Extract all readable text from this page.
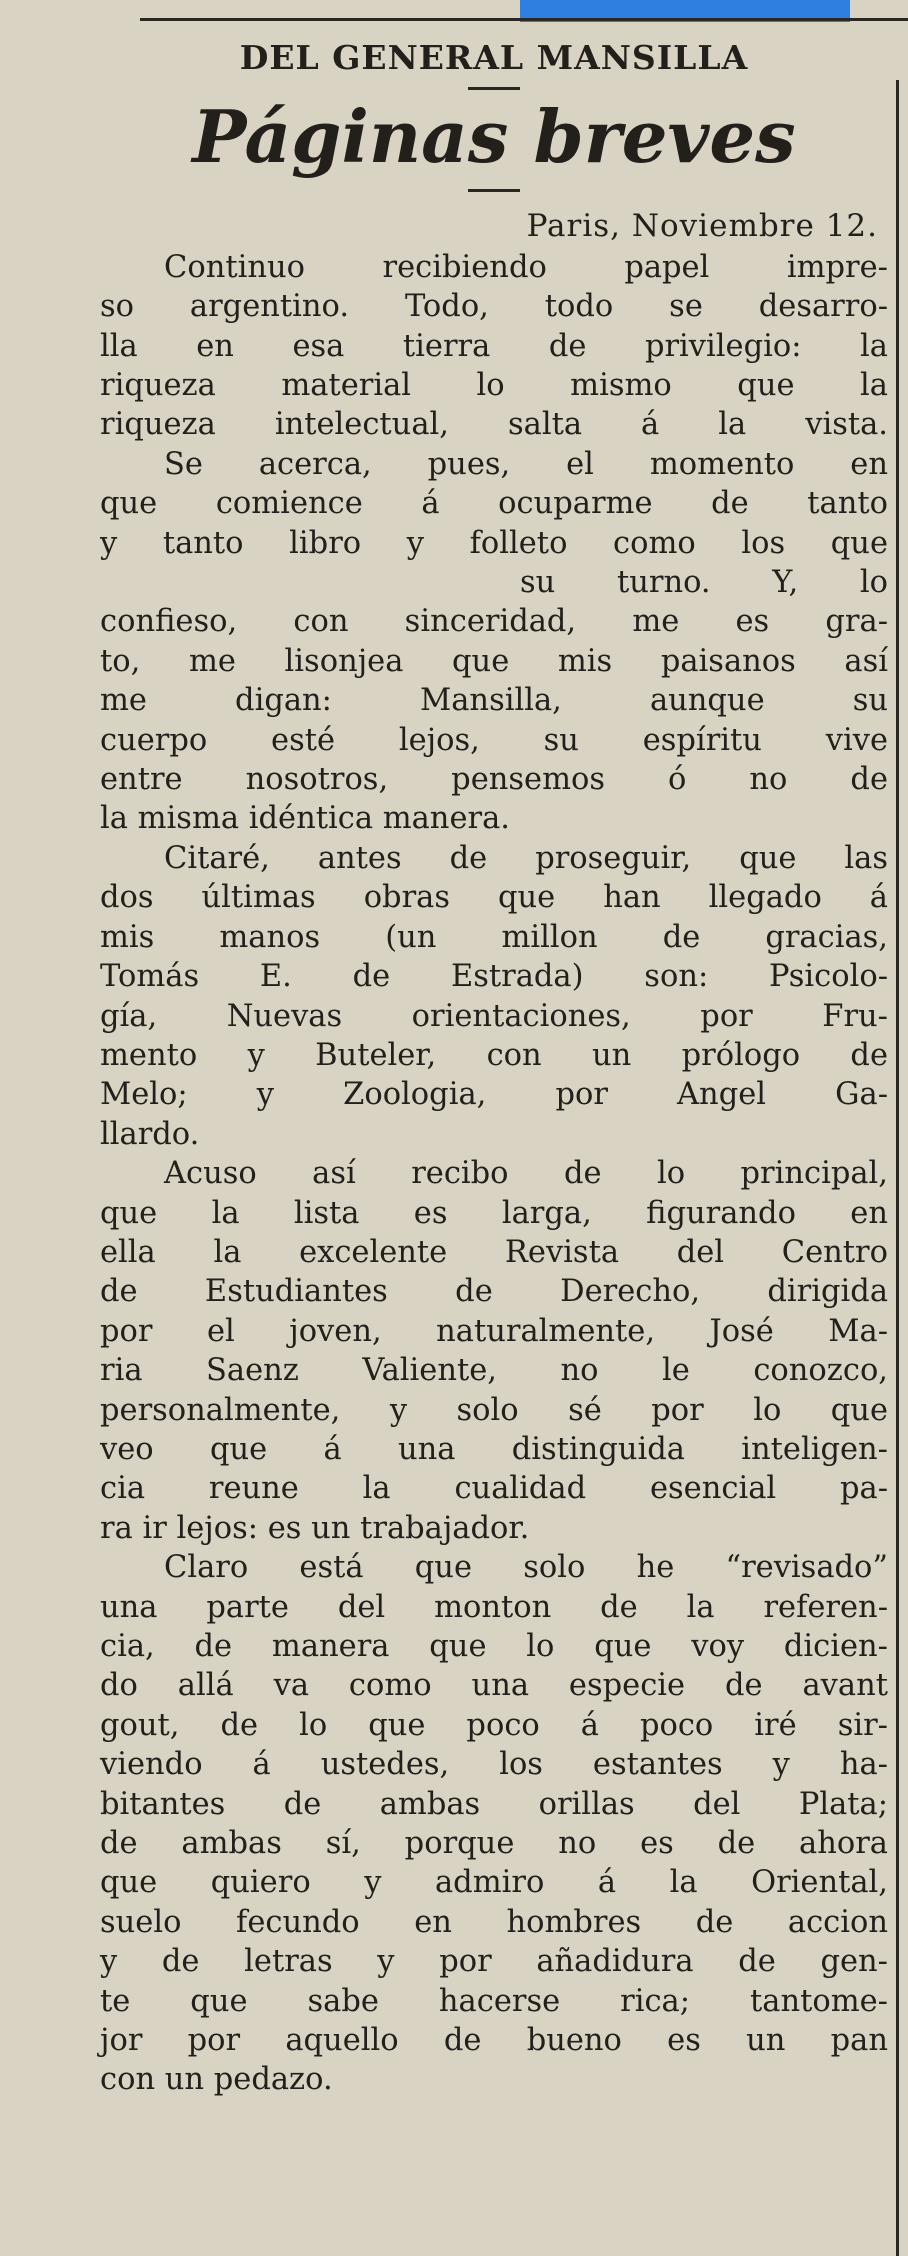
DEL GENERAL MANSILLA
Páginas breves
Paris, Noviembre 12.
Continuo recibiendo papel impre-
so argentino. Todo, todo se desarro-
lla en esa tierra de privilegio: la
riqueza material lo mismo que la
riqueza intelectual, salta á la vista.
Se acerca, pues, el momento en
que comience á ocuparme de tanto
y tanto libro y folleto como los que
su turno. Y, lo
confieso, con sinceridad, me es gra-
to, me lisonjea que mis paisanos así
me digan: Mansilla, aunque su
cuerpo esté lejos, su espíritu vive
entre nosotros, pensemos ó no de
la misma idéntica manera.
Citaré, antes de proseguir, que las
dos últimas obras que han llegado á
mis manos (un millon de gracias,
Tomás E. de Estrada) son: Psicolo-
gía, Nuevas orientaciones, por Fru-
mento y Buteler, con un prólogo de
Melo; y Zoologia, por Angel Ga-
llardo.
Acuso así recibo de lo principal,
que la lista es larga, figurando en
ella la excelente Revista del Centro
de Estudiantes de Derecho, dirigida
por el joven, naturalmente, José Ma-
ria Saenz Valiente, no le conozco,
personalmente, y solo sé por lo que
veo que á una distinguida inteligen-
cia reune la cualidad esencial pa-
ra ir lejos: es un trabajador.
Claro está que solo he “revisado”
una parte del monton de la referen-
cia, de manera que lo que voy dicien-
do allá va como una especie de avant
gout, de lo que poco á poco iré sir-
viendo á ustedes, los estantes y ha-
bitantes de ambas orillas del Plata;
de ambas sí, porque no es de ahora
que quiero y admiro á la Oriental,
suelo fecundo en hombres de accion
y de letras y por añadidura de gen-
te que sabe hacerse rica; tantome-
jor por aquello de bueno es un pan
con un pedazo.
